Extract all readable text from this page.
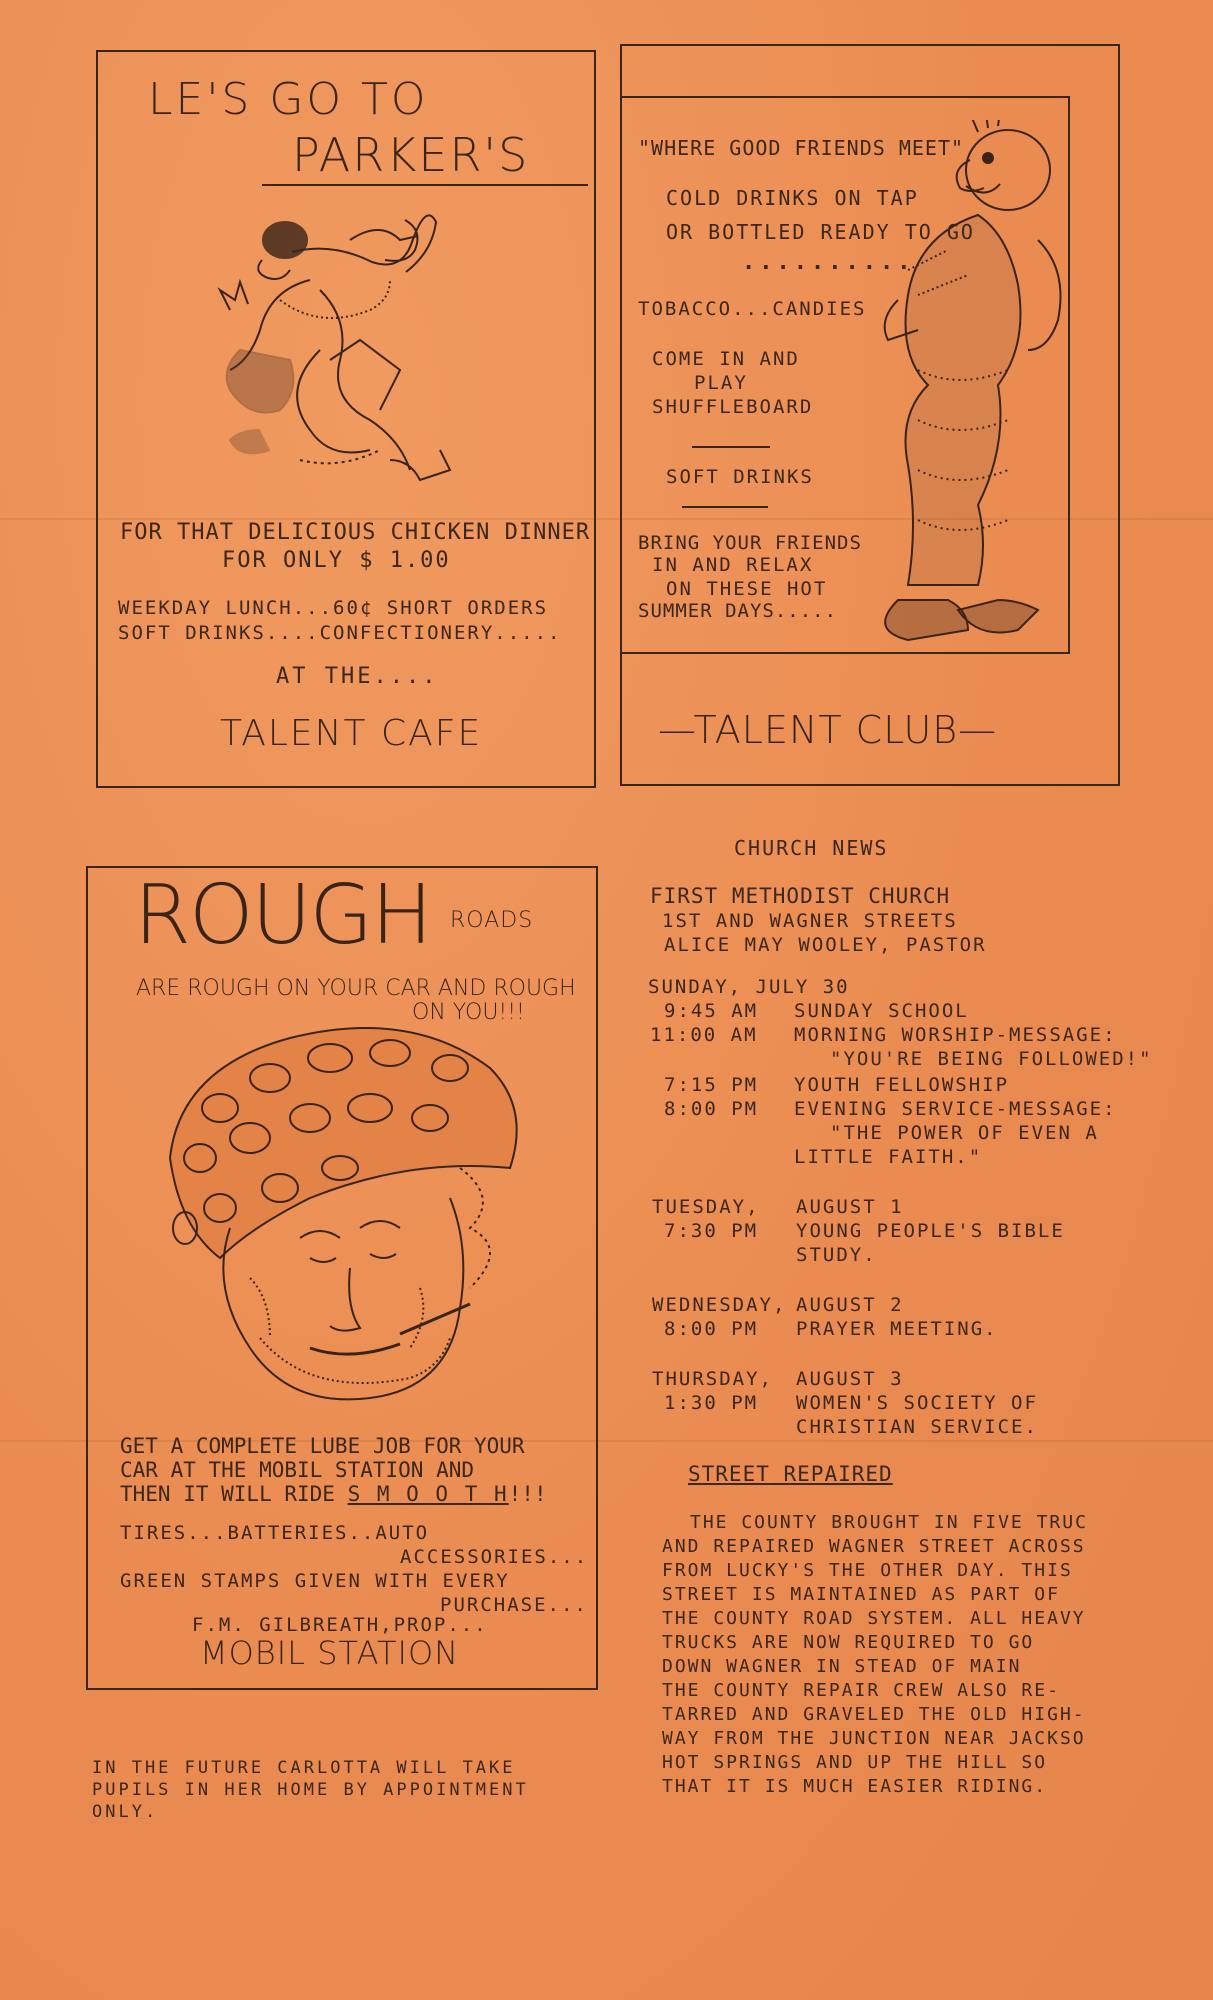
LE'S GO TO
PARKER'S
FOR THAT DELICIOUS CHICKEN DINNER
FOR ONLY $ 1.00
WEEKDAY LUNCH...60¢ SHORT ORDERS
SOFT DRINKS....CONFECTIONERY.....
AT THE....
TALENT CAFE
"WHERE GOOD FRIENDS MEET"
COLD DRINKS ON TAP
OR BOTTLED READY TO GO
..........
TOBACCO...CANDIES
COME IN AND
PLAY
SHUFFLEBOARD
SOFT DRINKS
BRING YOUR FRIENDS
IN AND RELAX
ON THESE HOT
SUMMER DAYS.....
—TALENT CLUB—
ROUGH ROADS
ARE ROUGH ON YOUR CAR AND ROUGH
ON YOU!!!
GET A COMPLETE LUBE JOB FOR YOUR
CAR AT THE MOBIL STATION AND
THEN IT WILL RIDE S M O O T H!!!
TIRES...BATTERIES..AUTO
ACCESSORIES...
GREEN STAMPS GIVEN WITH EVERY
PURCHASE...
F.M. GILBREATH,PROP...
MOBIL STATION
IN THE FUTURE CARLOTTA WILL TAKE
PUPILS IN HER HOME BY APPOINTMENT
ONLY.
CHURCH NEWS
FIRST METHODIST CHURCH
1ST AND WAGNER STREETS
ALICE MAY WOOLEY, PASTOR
SUNDAY, JULY 30
9:45 AM SUNDAY SCHOOL
11:00 AM MORNING WORSHIP-MESSAGE:
"YOU'RE BEING FOLLOWED!"
7:15 PM YOUTH FELLOWSHIP
8:00 PM EVENING SERVICE-MESSAGE:
"THE POWER OF EVEN A
LITTLE FAITH."
TUESDAY, AUGUST 1
7:30 PM YOUNG PEOPLE'S BIBLE
STUDY.
WEDNESDAY, AUGUST 2
8:00 PM PRAYER MEETING.
THURSDAY, AUGUST 3
1:30 PM WOMEN'S SOCIETY OF
CHRISTIAN SERVICE.
STREET REPAIRED
THE COUNTY BROUGHT IN FIVE TRUC
AND REPAIRED WAGNER STREET ACROSS
FROM LUCKY'S THE OTHER DAY. THIS
STREET IS MAINTAINED AS PART OF
THE COUNTY ROAD SYSTEM. ALL HEAVY
TRUCKS ARE NOW REQUIRED TO GO
DOWN WAGNER IN STEAD OF MAIN
THE COUNTY REPAIR CREW ALSO RE-
TARRED AND GRAVELED THE OLD HIGH-
WAY FROM THE JUNCTION NEAR JACKSO
HOT SPRINGS AND UP THE HILL SO
THAT IT IS MUCH EASIER RIDING.
